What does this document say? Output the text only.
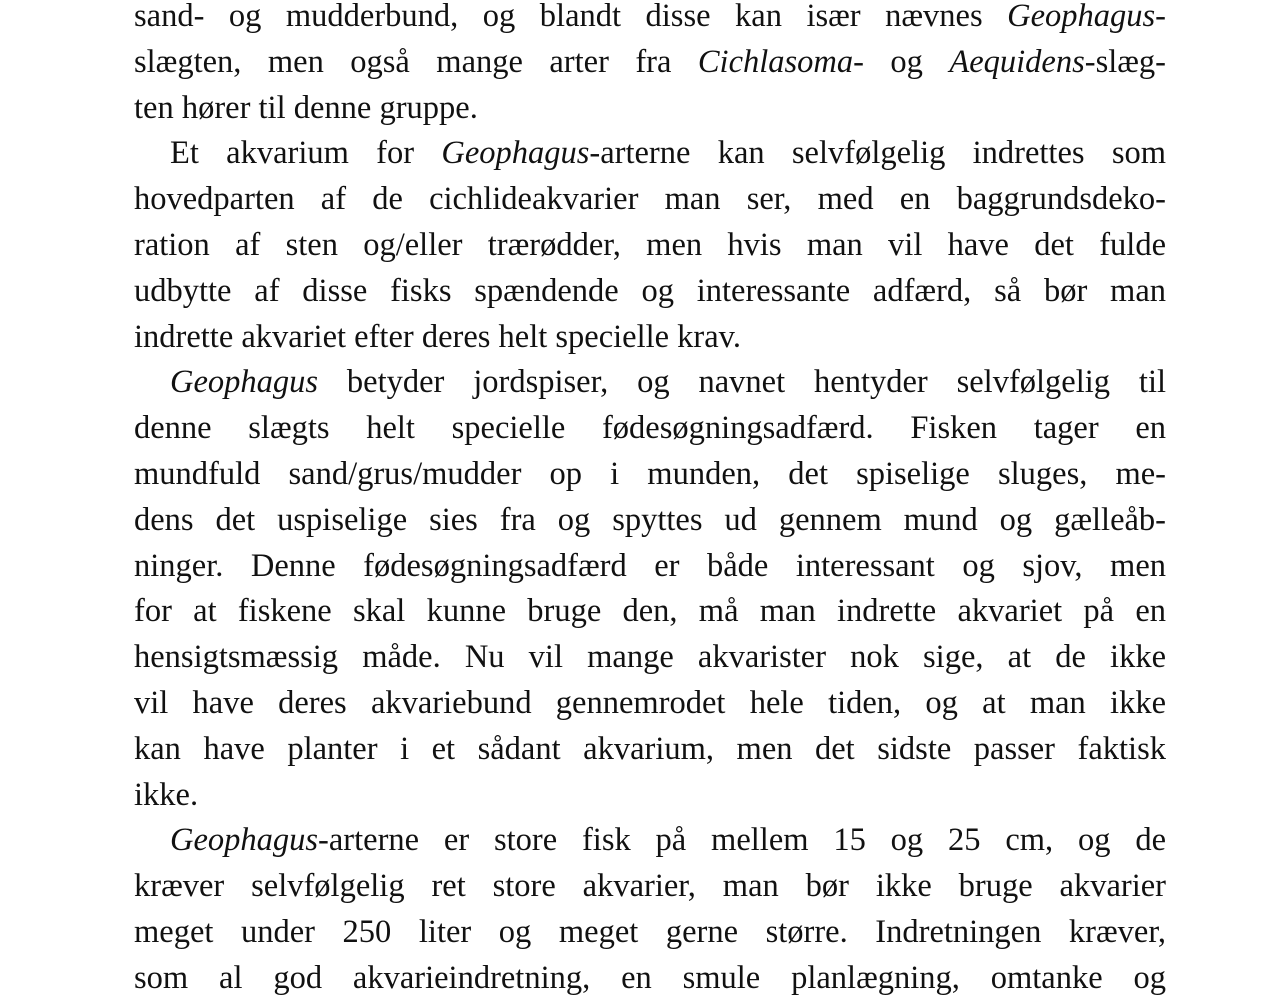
sand- og mudderbund, og blandt disse kan især nævnes Geophagus-
slægten, men også mange arter fra Cichlasoma- og Aequidens-slæg-
ten hører til denne gruppe.
Et akvarium for Geophagus-arterne kan selvfølgelig indrettes som
hovedparten af de cichlideakvarier man ser, med en baggrundsdeko-
ration af sten og/eller trærødder, men hvis man vil have det fulde
udbytte af disse fisks spændende og interessante adfærd, så bør man
indrette akvariet efter deres helt specielle krav.
Geophagus betyder jordspiser, og navnet hentyder selvfølgelig til
denne slægts helt specielle fødesøgningsadfærd. Fisken tager en
mundfuld sand/grus/mudder op i munden, det spiselige sluges, me-
dens det uspiselige sies fra og spyttes ud gennem mund og gælleåb-
ninger. Denne fødesøgningsadfærd er både interessant og sjov, men
for at fiskene skal kunne bruge den, må man indrette akvariet på en
hensigtsmæssig måde. Nu vil mange akvarister nok sige, at de ikke
vil have deres akvariebund gennemrodet hele tiden, og at man ikke
kan have planter i et sådant akvarium, men det sidste passer faktisk
ikke.
Geophagus-arterne er store fisk på mellem 15 og 25 cm, og de
kræver selvfølgelig ret store akvarier, man bør ikke bruge akvarier
meget under 250 liter og meget gerne større. Indretningen kræver,
som al god akvarieindretning, en smule planlægning, omtanke og
